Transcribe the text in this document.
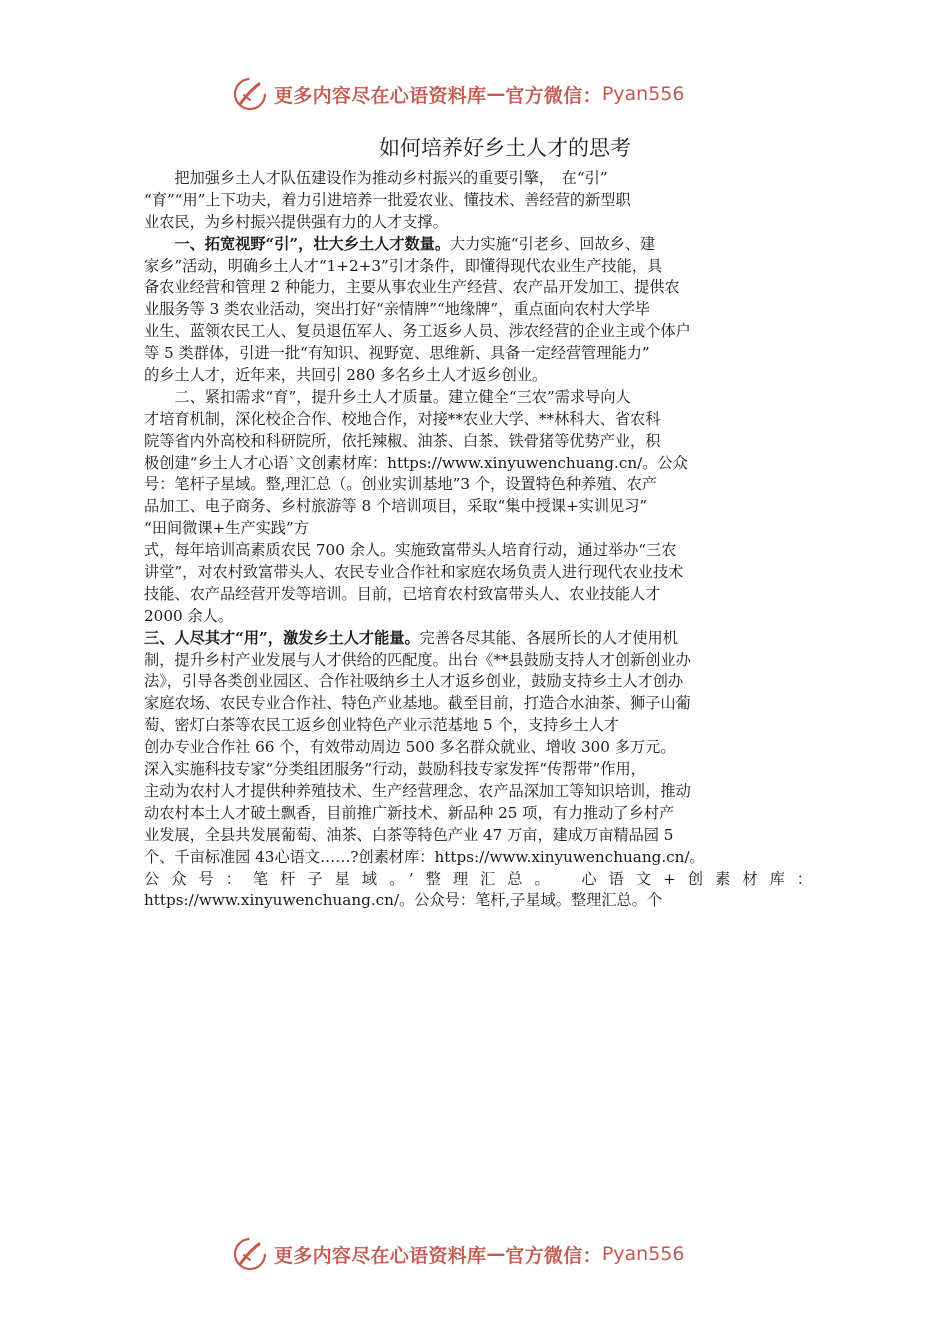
更多内容尽在心语资料库 — 官方微信： Pyan556
如何培养好乡土人才的思考
　　把加强乡土人才队伍建设作为推动乡村振兴的重要引擎，　在“引”
“育”“用”上下功夫，着力引进培养一批爱农业、懂技术、善经营的新型职
业农民，为乡村振兴提供强有力的人才支撑。
　　一、拓宽视野“引”，壮大乡土人才数量。大力实施“引老乡、回故乡、建
家乡”活动，明确乡土人才“1+2+3”引才条件，即懂得现代农业生产技能，具
备农业经营和管理 2 种能力，主要从事农业生产经营、农产品开发加工、提供农
业服务等 3 类农业活动，突出打好“亲情牌”“地缘牌”，重点面向农村大学毕
业生、蓝领农民工人、复员退伍军人、务工返乡人员、涉农经营的企业主或个体户
等 5 类群体，引进一批“有知识、视野宽、思维新、具备一定经营管理能力”
的乡土人才，近年来，共回引 280 多名乡土人才返乡创业。
　　二、紧扣需求“育”，提升乡土人才质量。建立健全“三农”需求导向人
才培育机制，深化校企合作、校地合作，对接**农业大学、**林科大、省农科
院等省内外高校和科研院所，依托辣椒、油茶、白茶、铁骨猪等优势产业，积
极创建“乡土人才心语`文创素材库：https://www.xinyuwenchuang.cn/。公众
号：笔杆子星域。整,理汇总（。创业实训基地”3 个，设置特色种养殖、农产
品加工、电子商务、乡村旅游等 8 个培训项目，采取“集中授课+实训见习”
“田间微课+生产实践”方
式，每年培训高素质农民 700 余人。实施致富带头人培育行动，通过举办“三农
讲堂”，对农村致富带头人、农民专业合作社和家庭农场负责人进行现代农业技术
技能、农产品经营开发等培训。目前，已培育农村致富带头人、农业技能人才
2000 余人。
三、人尽其才“用”，激发乡土人才能量。完善各尽其能、各展所长的人才使用机
制，提升乡村产业发展与人才供给的匹配度。出台《**县鼓励支持人才创新创业办
法》，引导各类创业园区、合作社吸纳乡土人才返乡创业，鼓励支持乡土人才创办
家庭农场、农民专业合作社、特色产业基地。截至目前，打造合水油茶、狮子山葡
萄、密灯白茶等农民工返乡创业特色产业示范基地 5 个，支持乡土人才
创办专业合作社 66 个，有效带动周边 500 多名群众就业、增收 300 多万元。
深入实施科技专家“分类组团服务”行动，鼓励科技专家发挥“传帮带”作用，
主动为农村人才提供种养殖技术、生产经营理念、农产品深加工等知识培训，推动
动农村本土人才破土飘香，目前推广新技术、新品种 25 项，有力推动了乡村产
业发展，全县共发展葡萄、油茶、白茶等特色产业 47 万亩，建成万亩精品园 5
个、千亩标准园 43心语文……?创素材库：https://www.xinyuwenchuang.cn/。
公众号：笔杆子星域。’整理汇总。　心语文+创素材库：
https://www.xinyuwenchuang.cn/。公众号：笔杆,子星域。整理汇总。个
更多内容尽在心语资料库 — 官方微信： Pyan556
